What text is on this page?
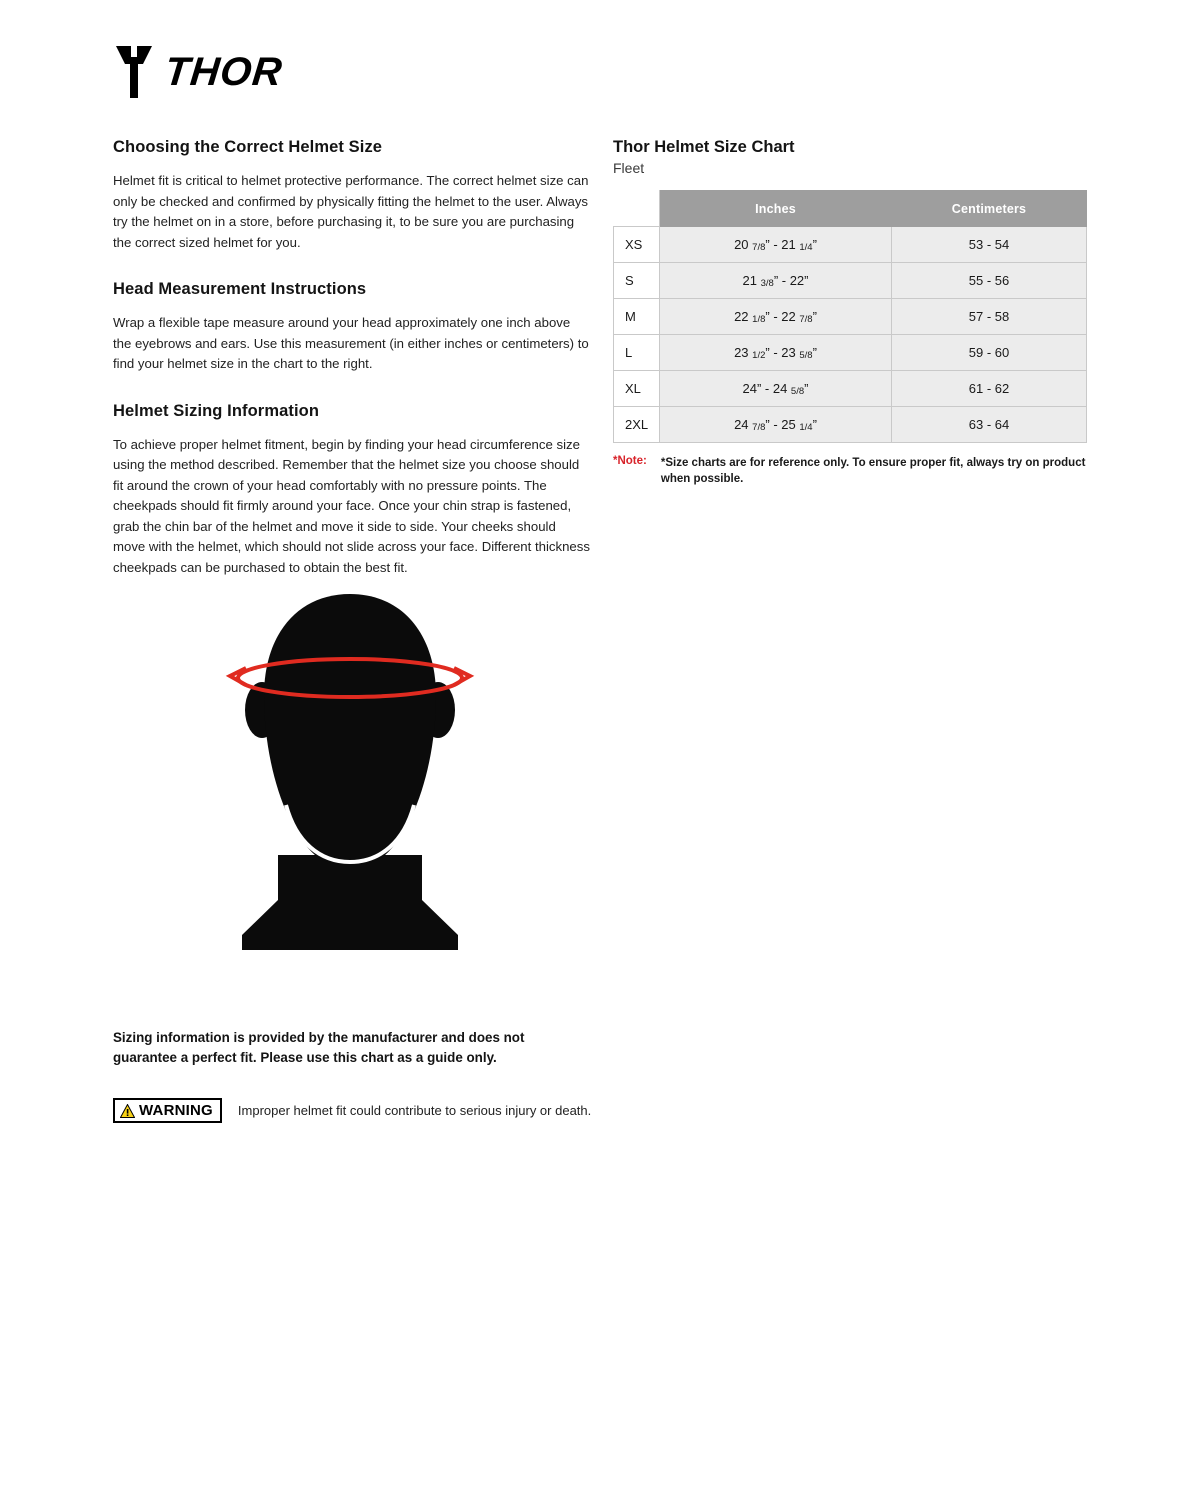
THOR
Choosing the Correct Helmet Size

Helmet fit is critical to helmet protective performance. The correct helmet size can only be checked and confirmed by physically fitting the helmet to the user. Always try the helmet on in a store, before purchasing it, to be sure you are purchasing the correct sized helmet for you.

Head Measurement Instructions

Wrap a flexible tape measure around your head approximately one inch above the eyebrows and ears. Use this measurement (in either inches or centimeters) to find your helmet size in the chart to the right.

Helmet Sizing Information

To achieve proper helmet fitment, begin by finding your head circumference size using the method described. Remember that the helmet size you choose should fit around the crown of your head comfortably with no pressure points. The cheekpads should fit firmly around your face. Once your chin strap is fastened, grab the chin bar of the helmet and move it side to side. Your cheeks should move with the helmet, which should not slide across your face. Different thickness cheekpads can be purchased to obtain the best fit.

Sizing information is provided by the manufacturer and does not guarantee a perfect fit. Please use this chart as a guide only.
WARNING Improper helmet fit could contribute to serious injury or death.
Thor Helmet Size Chart
Fleet
	Inches	Centimeters
XS	20 $_{7/8}$” - 21 $_{1/4}$”	53 - 54
S	21 $_{3/8}$” - 22”	55 - 56
M	22 $_{1/8}$” - 22 $_{7/8}$”	57 - 58
L	23 $_{1/2}$” - 23 $_{5/8}$”	59 - 60
XL	24” - 24 $_{5/8}$”	61 - 62
2XL	24 $_{7/8}$” - 25 $_{1/4}$”	63 - 64
*Note: *Size charts are for reference only. To ensure proper fit, always try on product when possible.
